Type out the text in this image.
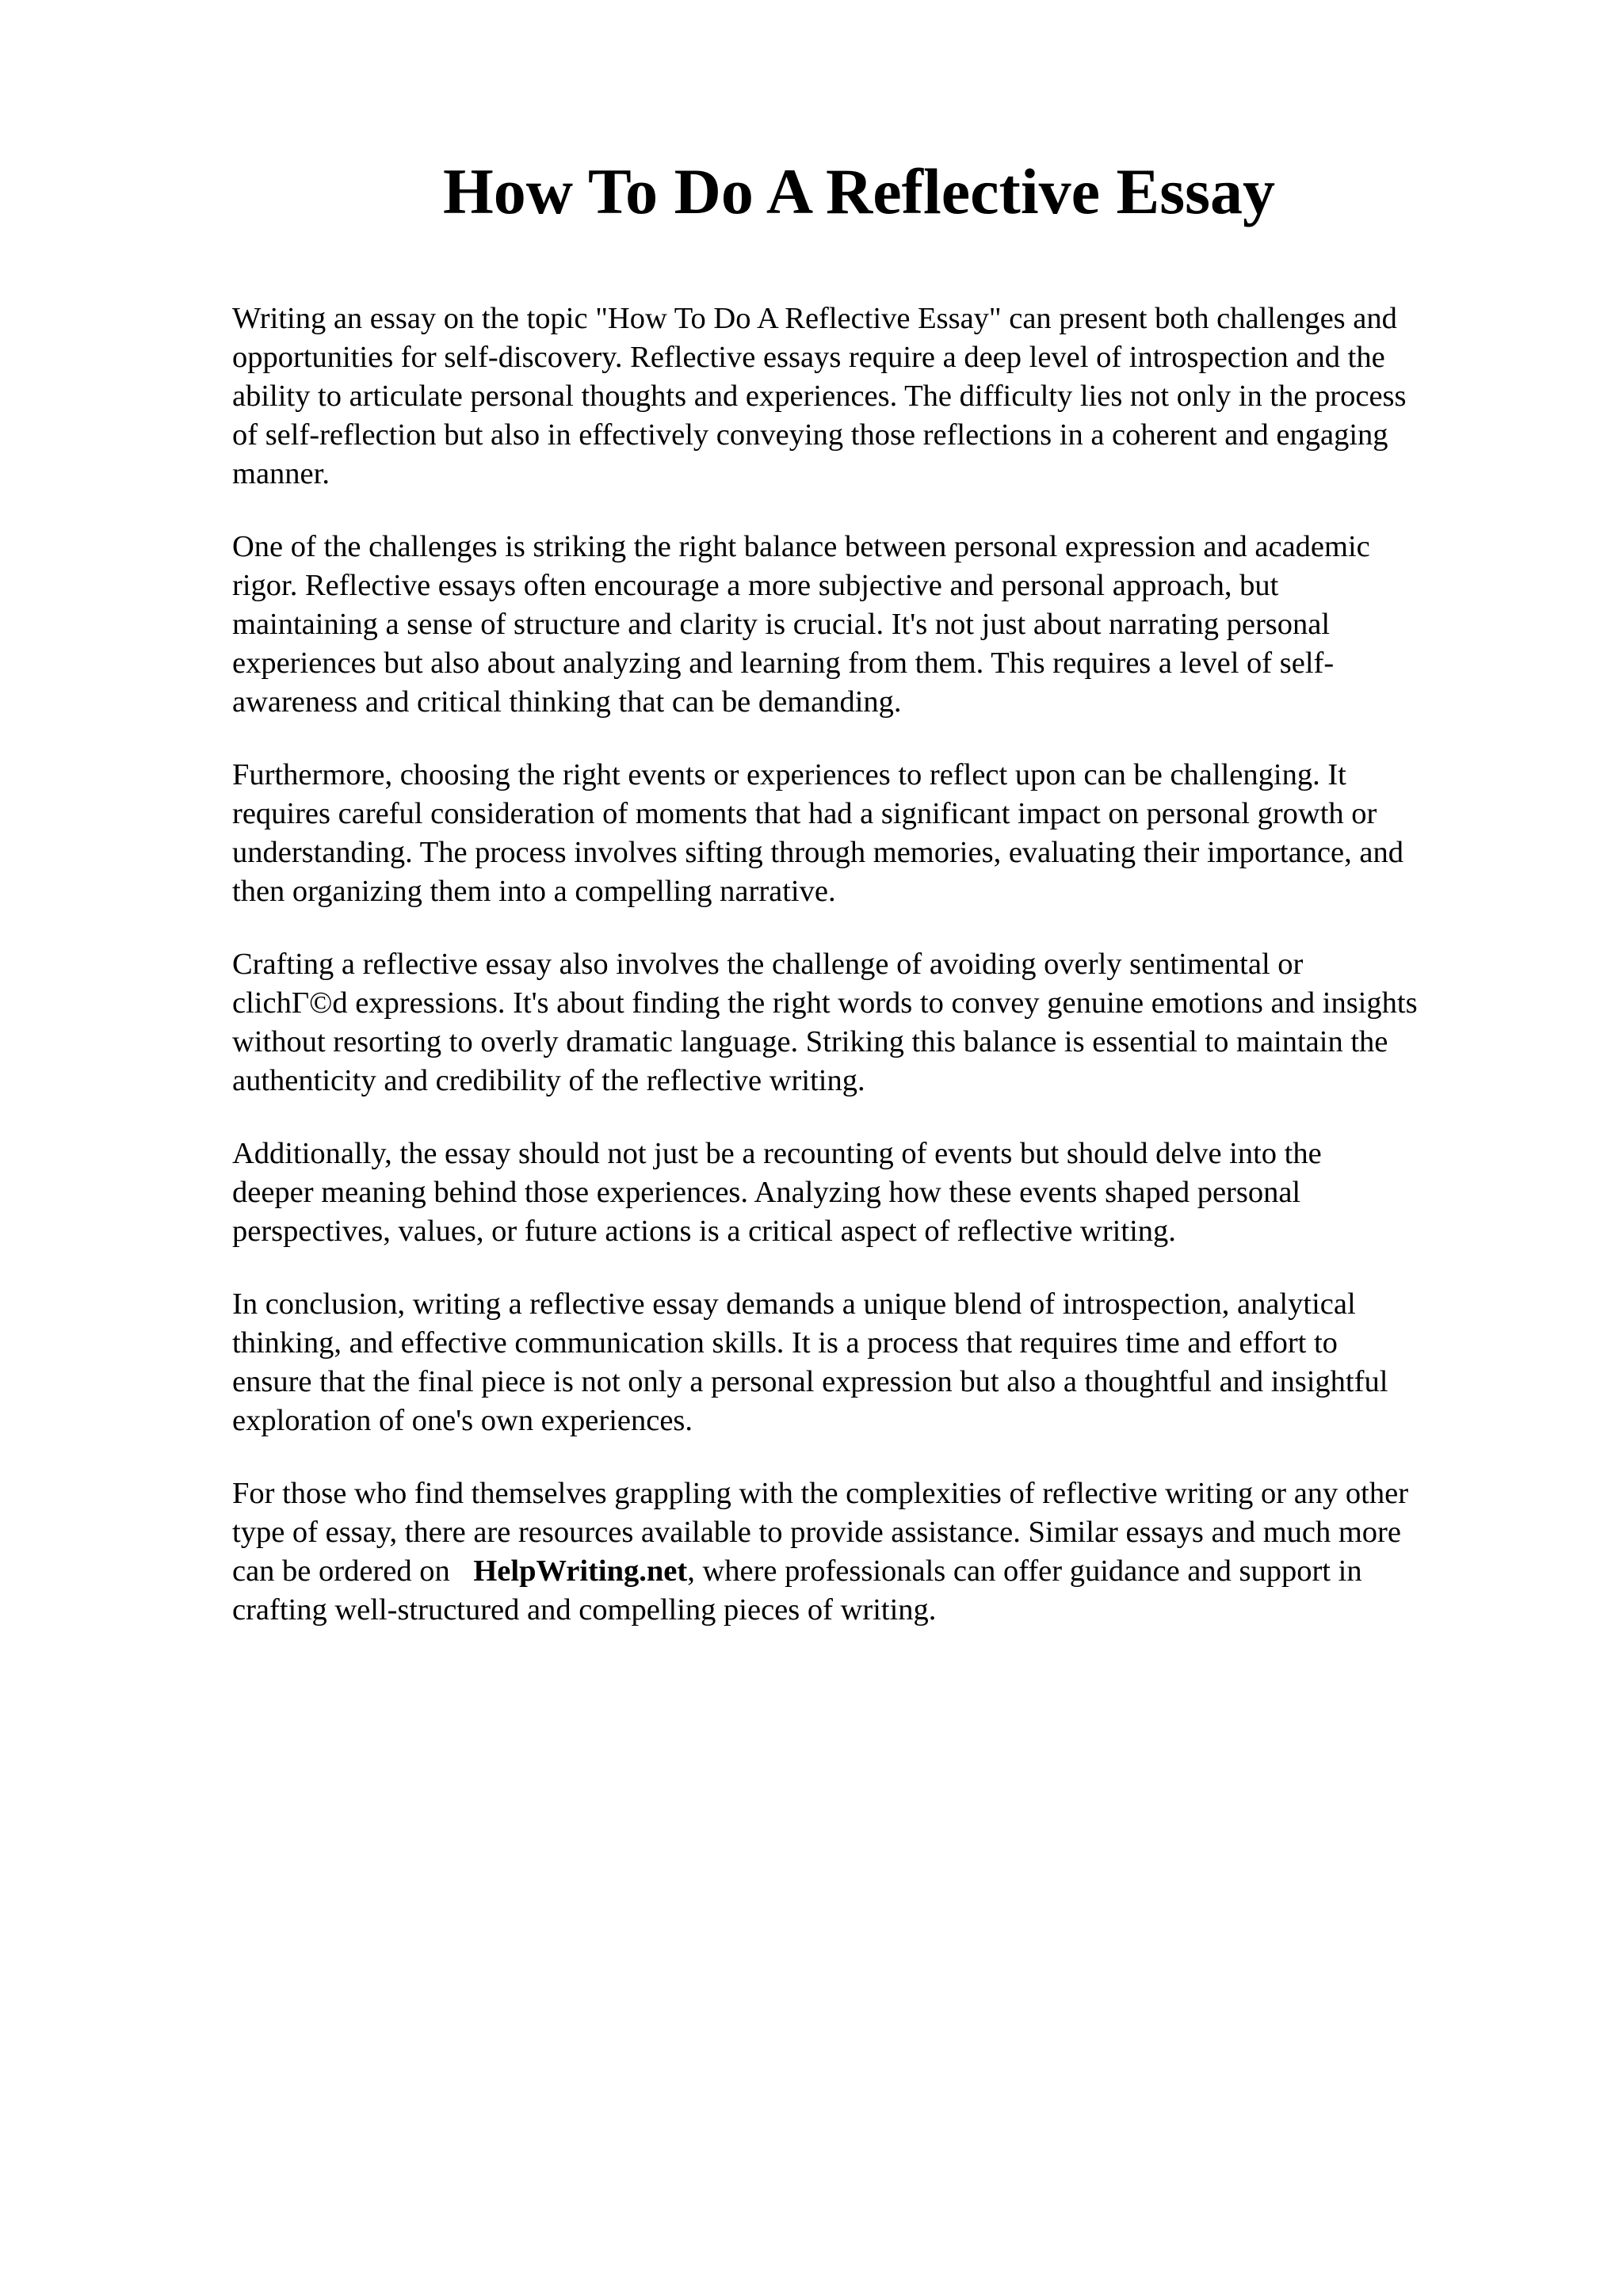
How To Do A Reflective Essay

Writing an essay on the topic "How To Do A Reflective Essay" can present both challenges and
opportunities for self-discovery. Reflective essays require a deep level of introspection and the
ability to articulate personal thoughts and experiences. The difficulty lies not only in the process
of self-reflection but also in effectively conveying those reflections in a coherent and engaging
manner.

One of the challenges is striking the right balance between personal expression and academic
rigor. Reflective essays often encourage a more subjective and personal approach, but
maintaining a sense of structure and clarity is crucial. It's not just about narrating personal
experiences but also about analyzing and learning from them. This requires a level of self-
awareness and critical thinking that can be demanding.

Furthermore, choosing the right events or experiences to reflect upon can be challenging. It
requires careful consideration of moments that had a significant impact on personal growth or
understanding. The process involves sifting through memories, evaluating their importance, and
then organizing them into a compelling narrative.

Crafting a reflective essay also involves the challenge of avoiding overly sentimental or
clichΓ©d expressions. It's about finding the right words to convey genuine emotions and insights
without resorting to overly dramatic language. Striking this balance is essential to maintain the
authenticity and credibility of the reflective writing.

Additionally, the essay should not just be a recounting of events but should delve into the
deeper meaning behind those experiences. Analyzing how these events shaped personal
perspectives, values, or future actions is a critical aspect of reflective writing.

In conclusion, writing a reflective essay demands a unique blend of introspection, analytical
thinking, and effective communication skills. It is a process that requires time and effort to
ensure that the final piece is not only a personal expression but also a thoughtful and insightful
exploration of one's own experiences.

For those who find themselves grappling with the complexities of reflective writing or any other
type of essay, there are resources available to provide assistance. Similar essays and much more
can be ordered on HelpWriting.net, where professionals can offer guidance and support in
crafting well-structured and compelling pieces of writing.
